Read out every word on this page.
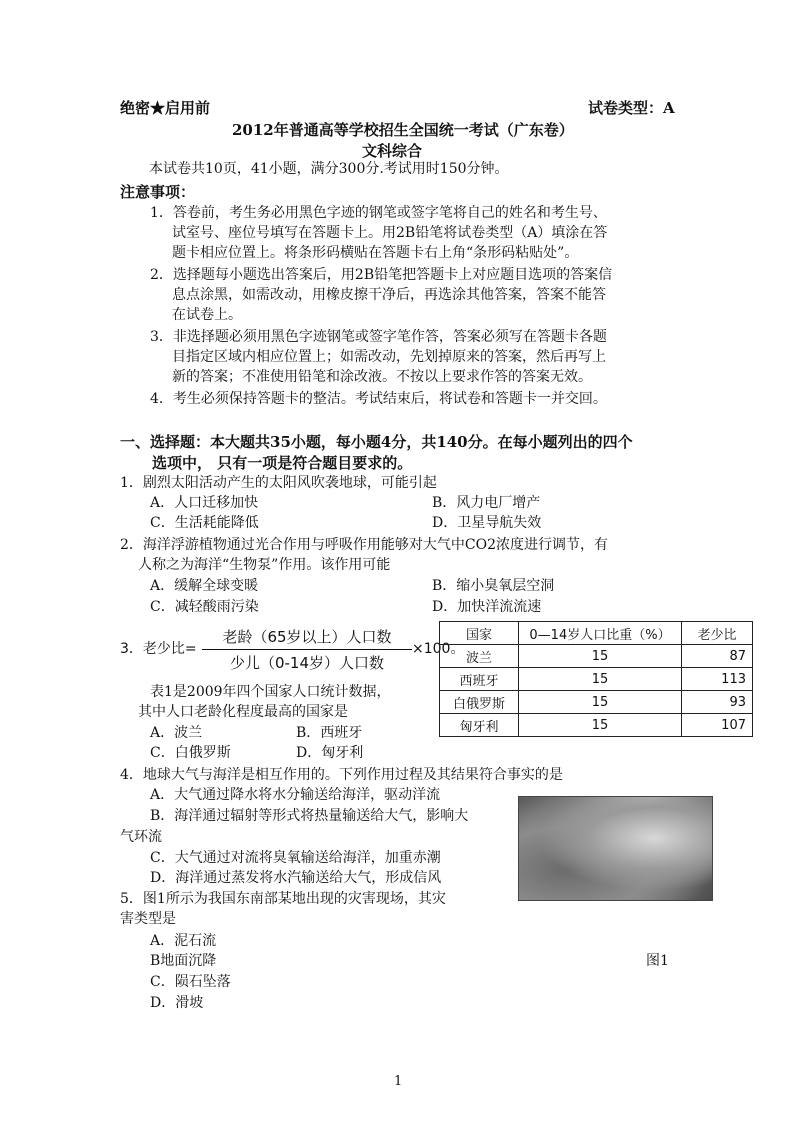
绝密★启用前	试卷类型：A
2012年普通高等学校招生全国统一考试（广东卷）
文科综合
本试卷共10页，41小题，满分300分.考试用时150分钟。
注意事项：
1．答卷前，考生务必用黑色字迹的钢笔或签字笔将自己的姓名和考生号、
试室号、座位号填写在答题卡上。用2B铅笔将试卷类型（A）填涂在答
题卡相应位置上。将条形码横贴在答题卡右上角“条形码粘贴处”。
2．选择题每小题选出答案后，用2B铅笔把答题卡上对应题目选项的答案信
息点涂黑，如需改动，用橡皮擦干净后，再选涂其他答案，答案不能答
在试卷上。
3．非选择题必须用黑色字迹钢笔或签字笔作答，答案必须写在答题卡各题
目指定区域内相应位置上；如需改动，先划掉原来的答案，然后再写上
新的答案；不准使用铅笔和涂改液。不按以上要求作答的答案无效。
4．考生必须保持答题卡的整洁。考试结束后，将试卷和答题卡一并交回。
一、选择题：本大题共35小题，每小题4分，共140分。在每小题列出的四个
选项中， 只有一项是符合题目要求的。
1．剧烈太阳活动产生的太阳风吹袭地球，可能引起
A．人口迁移加快	B．风力电厂增产
C．生活耗能降低	D．卫星导航失效
2．海洋浮游植物通过光合作用与呼吸作用能够对大气中CO2浓度进行调节，有
人称之为海洋“生物泵”作用。该作用可能
A．缓解全球变暖	B．缩小臭氧层空洞
C．减轻酸雨污染	D．加快洋流流速
3．老少比=
老龄（65岁以上）人口数
少儿（0-14岁）人口数
×100。
国家	0—14岁人口比重（%）	老少比
波兰	15	87
西班牙	15	113
白俄罗斯	15	93
匈牙利	15	107
表1是2009年四个国家人口统计数据，
其中人口老龄化程度最高的国家是
A．波兰	B．西班牙
C．白俄罗斯	D．匈牙利
4．地球大气与海洋是相互作用的。下列作用过程及其结果符合事实的是
A．大气通过降水将水分输送给海洋，驱动洋流
B．海洋通过辐射等形式将热量输送给大气，影响大
气环流
C．大气通过对流将臭氧输送给海洋，加重赤潮
D．海洋通过蒸发将水汽输送给大气，形成信风
5．图1所示为我国东南部某地出现的灾害现场，其灾
害类型是
A．泥石流
B地面沉降	图1
C．陨石坠落
D．滑坡
1
